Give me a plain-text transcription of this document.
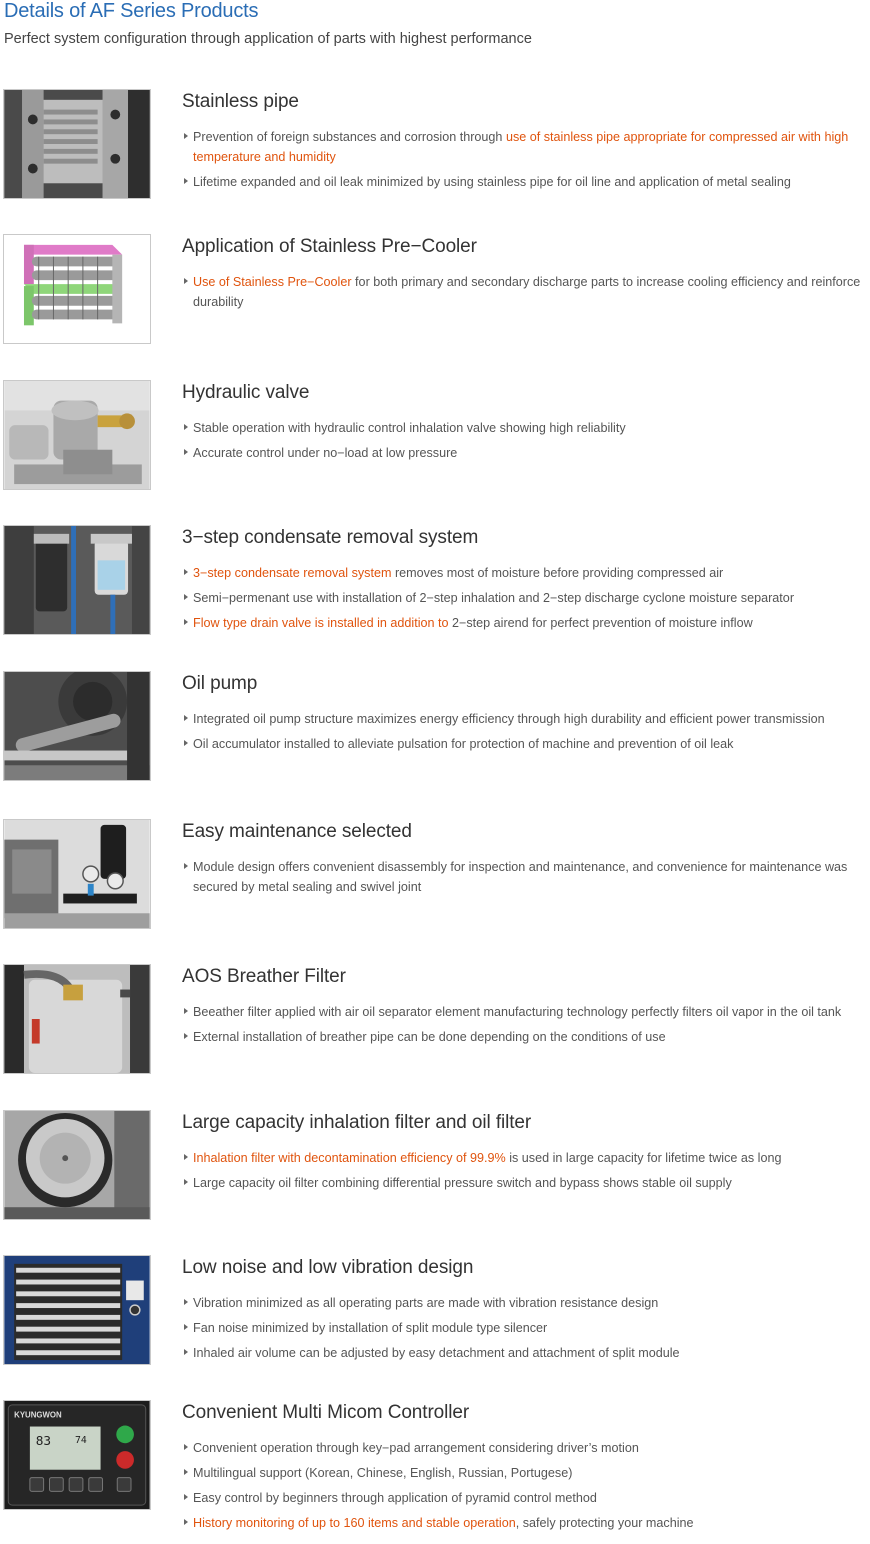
Details of AF Series Products

Perfect system configuration through application of parts with highest performance

Stainless pipe
Prevention of foreign substances and corrosion through use of stainless pipe appropriate for compressed air with high temperature and humidity
Lifetime expanded and oil leak minimized by using stainless pipe for oil line and application of metal sealing
Application of Stainless Pre−Cooler
Use of Stainless Pre−Cooler for both primary and secondary discharge parts to increase cooling efficiency and reinforce durability
Hydraulic valve
Stable operation with hydraulic control inhalation valve showing high reliability
Accurate control under no−load at low pressure
3−step condensate removal system
3−step condensate removal system removes most of moisture before providing compressed air
Semi−permenant use with installation of 2−step inhalation and 2−step discharge cyclone moisture separator
Flow type drain valve is installed in addition to 2−step airend for perfect prevention of moisture inflow
Oil pump
Integrated oil pump structure maximizes energy efficiency through high durability and efficient power transmission
Oil accumulator installed to alleviate pulsation for protection of machine and prevention of oil leak
Easy maintenance selected
Module design offers convenient disassembly for inspection and maintenance, and convenience for maintenance was secured by metal sealing and swivel joint
AOS Breather Filter
Beeather filter applied with air oil separator element manufacturing technology perfectly filters oil vapor in the oil tank
External installation of breather pipe can be done depending on the conditions of use
Large capacity inhalation filter and oil filter
Inhalation filter with decontamination efficiency of 99.9% is used in large capacity for lifetime twice as long
Large capacity oil filter combining differential pressure switch and bypass shows stable oil supply
Low noise and low vibration design
Vibration minimized as all operating parts are made with vibration resistance design
Fan noise minimized by installation of split module type silencer
Inhaled air volume can be adjusted by easy detachment and attachment of split module
KYUNGWON
83 74
Convenient Multi Micom Controller
Convenient operation through key−pad arrangement considering driver’s motion
Multilingual support (Korean, Chinese, English, Russian, Portugese)
Easy control by beginners through application of pyramid control method
History monitoring of up to 160 items and stable operation, safely protecting your machine
